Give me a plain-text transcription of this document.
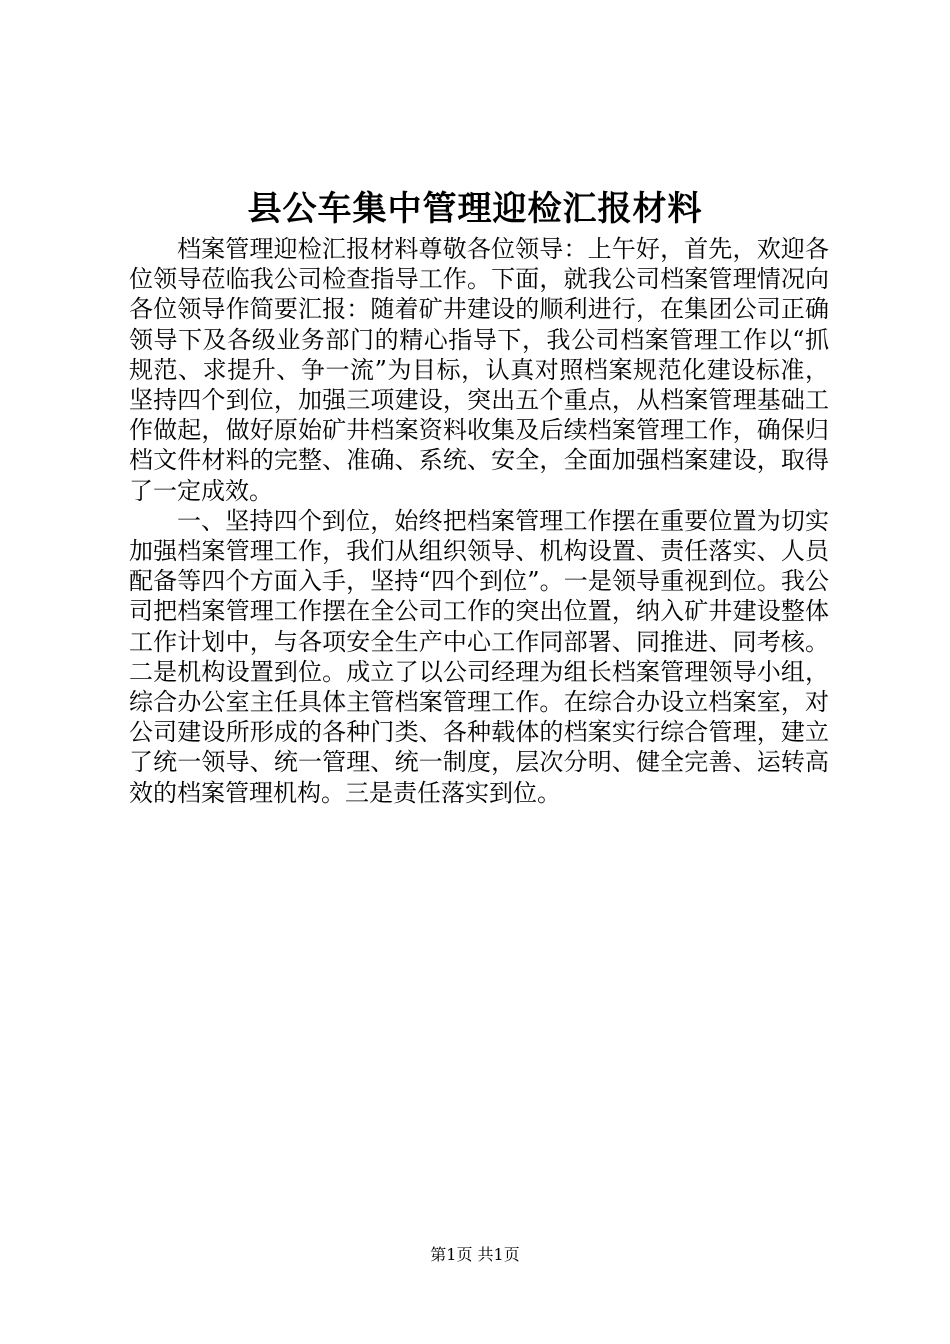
县公车集中管理迎检汇报材料

档案管理迎检汇报材料尊敬各位领导：上午好，首先，欢迎各位领导莅临我公司检查指导工作。下面，就我公司档案管理情况向各位领导作简要汇报：随着矿井建设的顺利进行，在集团公司正确领导下及各级业务部门的精心指导下，我公司档案管理工作以“抓规范、求提升、争一流”为目标，认真对照档案规范化建设标准，坚持四个到位，加强三项建设，突出五个重点，从档案管理基础工作做起，做好原始矿井档案资料收集及后续档案管理工作，确保归档文件材料的完整、准确、系统、安全，全面加强档案建设，取得了一定成效。

一、坚持四个到位，始终把档案管理工作摆在重要位置为切实加强档案管理工作，我们从组织领导、机构设置、责任落实、人员配备等四个方面入手，坚持“四个到位”。一是领导重视到位。我公司把档案管理工作摆在全公司工作的突出位置，纳入矿井建设整体工作计划中，与各项安全生产中心工作同部署、同推进、同考核。二是机构设置到位。成立了以公司经理为组长档案管理领导小组，综合办公室主任具体主管档案管理工作。在综合办设立档案室，对公司建设所形成的各种门类、各种载体的档案实行综合管理，建立了统一领导、统一管理、统一制度，层次分明、健全完善、运转高效的档案管理机构。三是责任落实到位。

第1页 共1页
